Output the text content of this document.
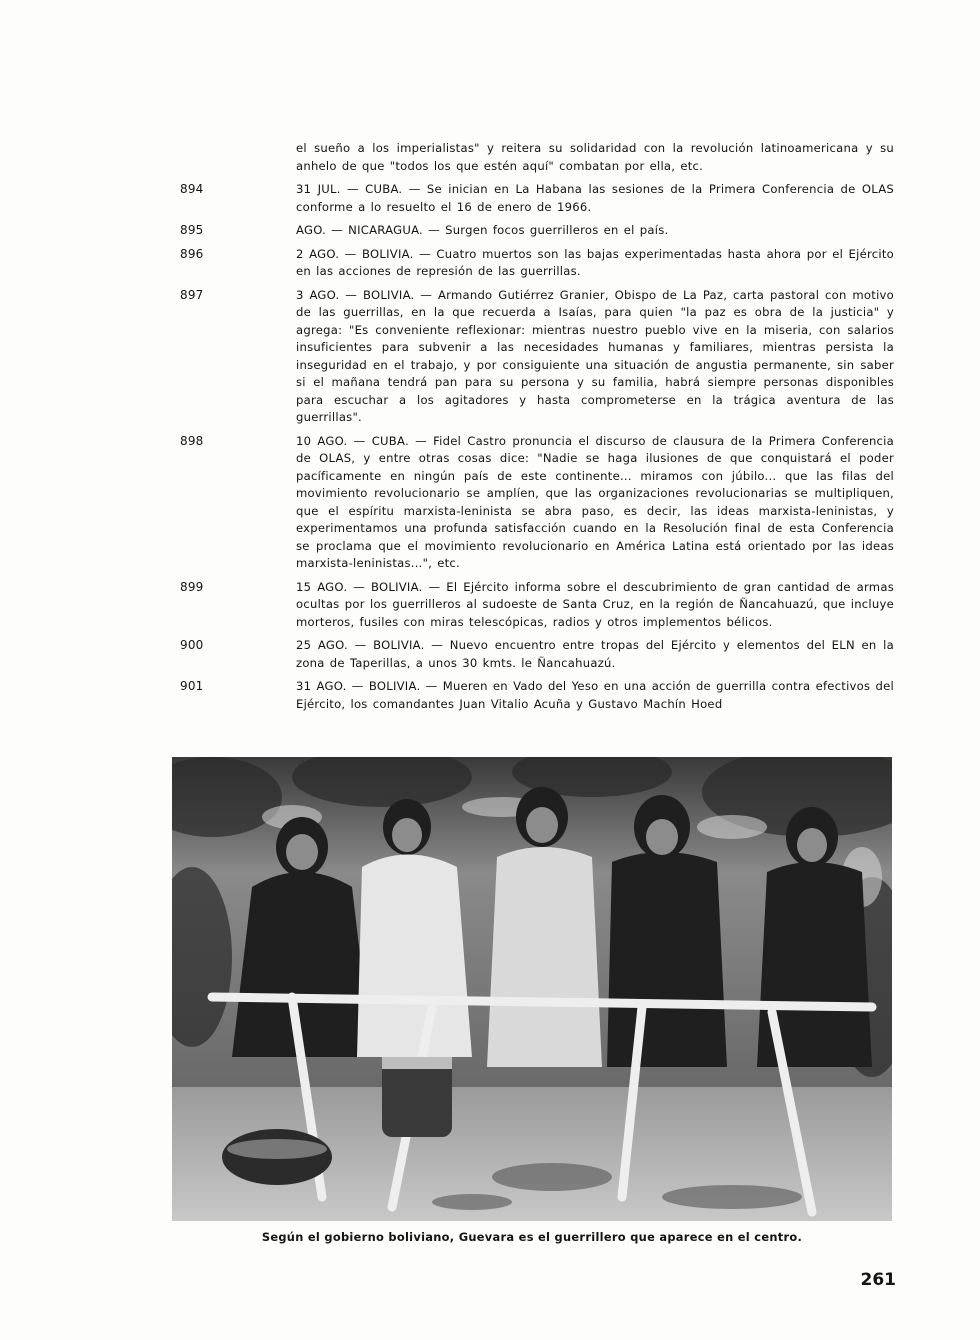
el sueño a los imperialistas" y reitera su solidaridad con la revolución latinoamericana y su anhelo de que "todos los que estén aquí" combatan por ella, etc.
894	31 JUL. — CUBA. — Se inician en La Habana las sesiones de la Primera Conferencia de OLAS conforme a lo resuelto el 16 de enero de 1966.
895	AGO. — NICARAGUA. — Surgen focos guerrilleros en el país.
896	2 AGO. — BOLIVIA. — Cuatro muertos son las bajas experimentadas hasta ahora por el Ejército en las acciones de represión de las guerrillas.
897	3 AGO. — BOLIVIA. — Armando Gutiérrez Granier, Obispo de La Paz, carta pastoral con motivo de las guerrillas, en la que recuerda a Isaías, para quien "la paz es obra de la justicia" y agrega: "Es conveniente reflexionar: mientras nuestro pueblo vive en la miseria, con salarios insuficientes para subvenir a las necesidades humanas y familiares, mientras persista la inseguridad en el trabajo, y por consiguiente una situación de angustia permanente, sin saber si el mañana tendrá pan para su persona y su familia, habrá siempre personas disponibles para escuchar a los agitadores y hasta comprometerse en la trágica aventura de las guerrillas".
898	10 AGO. — CUBA. — Fidel Castro pronuncia el discurso de clausura de la Primera Conferencia de OLAS, y entre otras cosas dice: "Nadie se haga ilusiones de que conquistará el poder pacíficamente en ningún país de este continente... miramos con júbilo... que las filas del movimiento revolucionario se amplíen, que las organizaciones revolucionarias se multipliquen, que el espíritu marxista-leninista se abra paso, es decir, las ideas marxista-leninistas, y experimentamos una profunda satisfacción cuando en la Resolución final de esta Conferencia se proclama que el movimiento revolucionario en América Latina está orientado por las ideas marxista-leninistas...", etc.
899	15 AGO. — BOLIVIA. — El Ejército informa sobre el descubrimiento de gran cantidad de armas ocultas por los guerrilleros al sudoeste de Santa Cruz, en la región de Ñancahuazú, que incluye morteros, fusiles con miras telescópicas, radios y otros implementos bélicos.
900	25 AGO. — BOLIVIA. — Nuevo encuentro entre tropas del Ejército y elementos del ELN en la zona de Taperillas, a unos 30 kmts. le Ñancahuazú.
901	31 AGO. — BOLIVIA. — Mueren en Vado del Yeso en una acción de guerrilla contra efectivos del Ejército, los comandantes Juan Vitalio Acuña y Gustavo Machín Hoed
Según el gobierno boliviano, Guevara es el guerrillero que aparece en el centro.
261
